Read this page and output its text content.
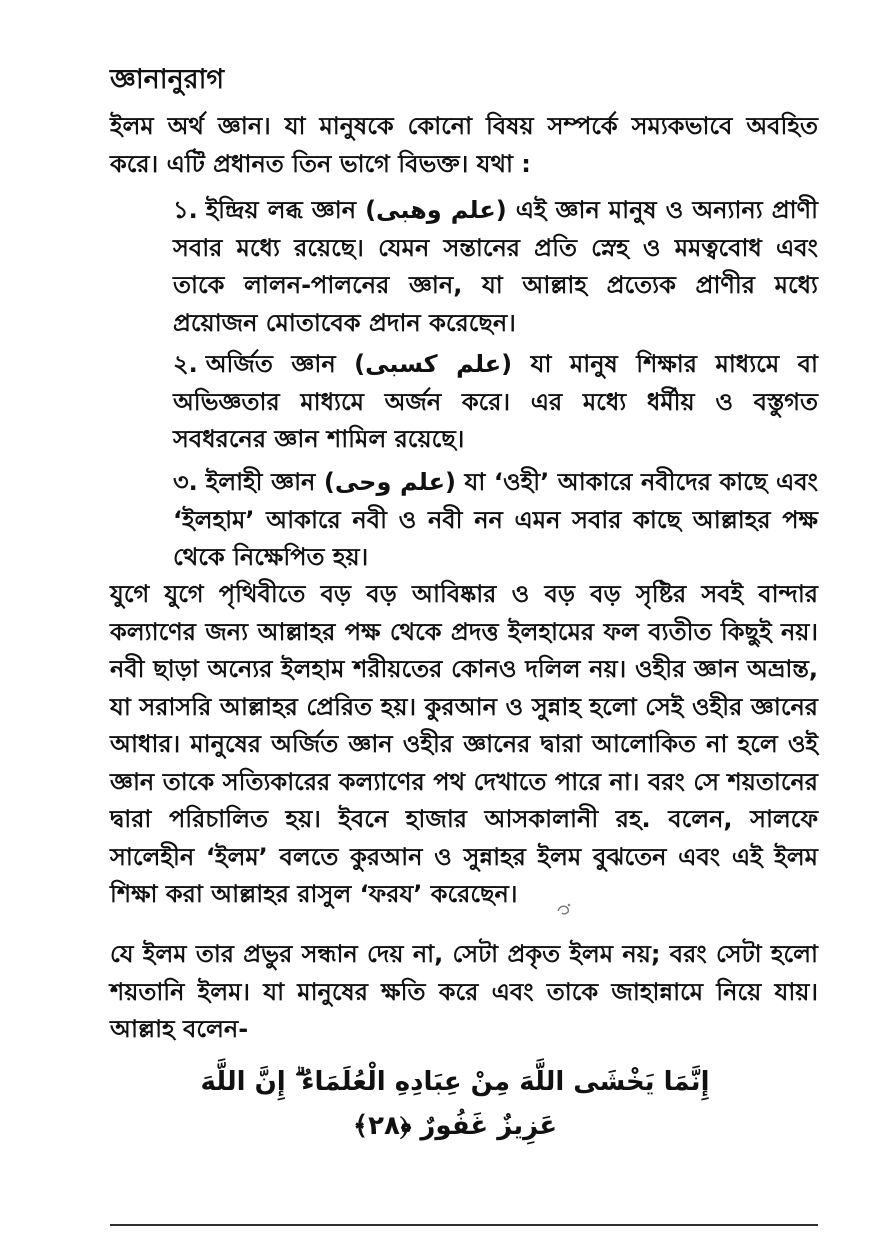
জ্ঞানানুরাগ

ইলম অর্থ জ্ঞান। যা মানুষকে কোনো বিষয় সম্পর্কে সম্যকভাবে অবহিত করে। এটি প্রধানত তিন ভাগে বিভক্ত। যথা :

১. ইন্দ্রিয় লব্ধ জ্ঞান (علم وهبى) এই জ্ঞান মানুষ ও অন্যান্য প্রাণী সবার মধ্যে রয়েছে। যেমন সন্তানের প্রতি স্নেহ ও মমত্ববোধ এবং তাকে লালন-পালনের জ্ঞান, যা আল্লাহ প্রত্যেক প্রাণীর মধ্যে প্রয়োজন মোতাবেক প্রদান করেছেন।

২. অর্জিত জ্ঞান (علم كسبى) যা মানুষ শিক্ষার মাধ্যমে বা অভিজ্ঞতার মাধ্যমে অর্জন করে। এর মধ্যে ধর্মীয় ও বস্তুগত সবধরনের জ্ঞান শামিল রয়েছে।

৩. ইলাহী জ্ঞান (علم وحى) যা ‘ওহী’ আকারে নবীদের কাছে এবং ‘ইলহাম’ আকারে নবী ও নবী নন এমন সবার কাছে আল্লাহর পক্ষ থেকে নিক্ষেপিত হয়।

যুগে যুগে পৃথিবীতে বড় বড় আবিষ্কার ও বড় বড় সৃষ্টির সবই বান্দার কল্যাণের জন্য আল্লাহর পক্ষ থেকে প্রদত্ত ইলহামের ফল ব্যতীত কিছুই নয়। নবী ছাড়া অন্যের ইলহাম শরীয়তের কোনও দলিল নয়। ওহীর জ্ঞান অভ্রান্ত, যা সরাসরি আল্লাহর প্রেরিত হয়। কুরআন ও সুন্নাহ হলো সেই ওহীর জ্ঞানের আধার। মানুষের অর্জিত জ্ঞান ওহীর জ্ঞানের দ্বারা আলোকিত না হলে ওই জ্ঞান তাকে সত্যিকারের কল্যাণের পথ দেখাতে পারে না। বরং সে শয়তানের দ্বারা পরিচালিত হয়। ইবনে হাজার আসকালানী রহ. বলেন, সালফে সালেহীন ‘ইলম’ বলতে কুরআন ও সুন্নাহর ইলম বুঝতেন এবং এই ইলম শিক্ষা করা আল্লাহর রাসুল ‘ফরয’ করেছেন।

যে ইলম তার প্রভুর সন্ধান দেয় না, সেটা প্রকৃত ইলম নয়; বরং সেটা হলো শয়তানি ইলম। যা মানুষের ক্ষতি করে এবং তাকে জাহান্নামে নিয়ে যায়। আল্লাহ বলেন-

إِنَّمَا يَخْشَى اللَّهَ مِنْ عِبَادِهِ الْعُلَمَاءُ ۗ إِنَّ اللَّهَ عَزِيزٌ غَفُورٌ ﴿٢٨﴾
